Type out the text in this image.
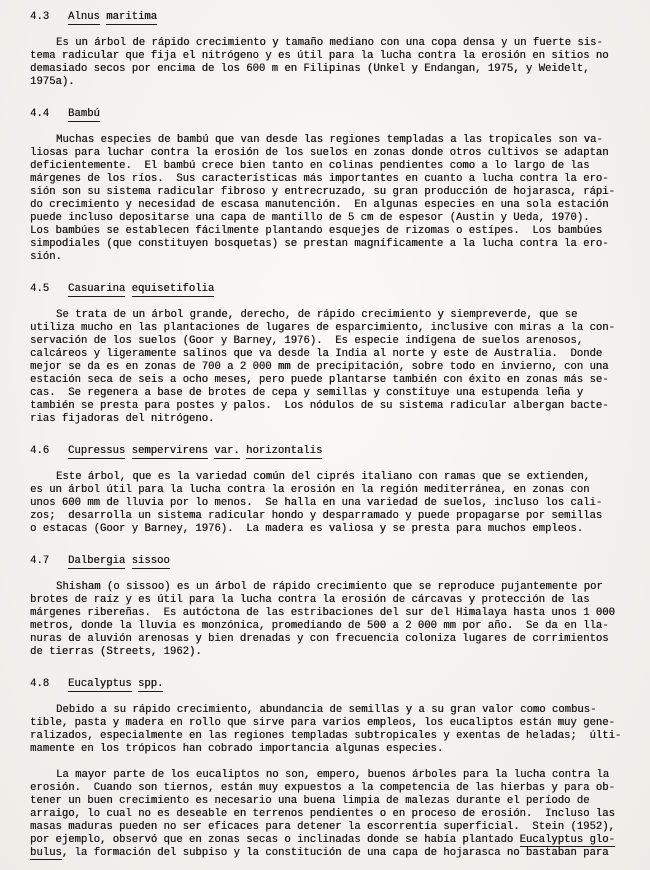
4.3 Alnus maritima
Es un árbol de rápido crecimiento y tamaño mediano con una copa densa y un fuerte sis-
tema radicular que fija el nitrógeno y es útil para la lucha contra la erosión en sitios no
demasiado secos por encima de los 600 m en Filipinas (Unkel y Endangan, 1975, y Weidelt,
1975a).
4.4 Bambú
Muchas especies de bambú que van desde las regiones templadas a las tropicales son va-
liosas para luchar contra la erosión de los suelos en zonas donde otros cultivos se adaptan
deficientemente.  El bambú crece bien tanto en colinas pendientes como a lo largo de las
márgenes de los ríos.  Sus características más importantes en cuanto a lucha contra la ero-
sión son su sistema radicular fibroso y entrecruzado, su gran producción de hojarasca, rápi-
do crecimiento y necesidad de escasa manutención.  En algunas especies en una sola estación
puede incluso depositarse una capa de mantillo de 5 cm de espesor (Austin y Ueda, 1970).
Los bambúes se establecen fácilmente plantando esquejes de rizomas o estípes.  Los bambúes
simpodiales (que constituyen bosquetas) se prestan magníficamente a la lucha contra la ero-
sión.
4.5 Casuarina equisetifolia
Se trata de un árbol grande, derecho, de rápido crecimiento y siempreverde, que se
utiliza mucho en las plantaciones de lugares de esparcimiento, inclusive con miras a la con-
servación de los suelos (Goor y Barney, 1976).  Es especie indígena de suelos arenosos,
calcáreos y ligeramente salinos que va desde la India al norte y este de Australia.  Donde
mejor se da es en zonas de 700 a 2 000 mm de precipitación, sobre todo en invierno, con una
estación seca de seis a ocho meses, pero puede plantarse también con éxito en zonas más se-
cas.  Se regenera a base de brotes de cepa y semillas y constituye una estupenda leña y
también se presta para postes y palos.  Los nódulos de su sistema radicular albergan bacte-
rias fijadoras del nitrógeno.
4.6 Cupressus sempervirens var. horizontalis
Este árbol, que es la variedad común del ciprés italiano con ramas que se extienden,
es un árbol útil para la lucha contra la erosión en la región mediterránea, en zonas con
unos 600 mm de lluvia por lo menos.  Se halla en una variedad de suelos, incluso los cali-
zos;  desarrolla un sistema radicular hondo y desparramado y puede propagarse por semillas
o estacas (Goor y Barney, 1976).  La madera es valiosa y se presta para muchos empleos.
4.7 Dalbergia sissoo
Shisham (o sissoo) es un árbol de rápido crecimiento que se reproduce pujantemente por
brotes de raíz y es útil para la lucha contra la erosión de cárcavas y protección de las
márgenes ribereñas.  Es autóctona de las estribaciones del sur del Himalaya hasta unos 1 000
metros, donde la lluvia es monzónica, promediando de 500 a 2 000 mm por año.  Se da en lla-
nuras de aluvión arenosas y bien drenadas y con frecuencia coloniza lugares de corrimientos
de tierras (Streets, 1962).
4.8 Eucalyptus spp.
Debido a su rápido crecimiento, abundancia de semillas y a su gran valor como combus-
tible, pasta y madera en rollo que sirve para varios empleos, los eucaliptos están muy gene-
ralizados, especialmente en las regiones templadas subtropicales y exentas de heladas;  últi-
mamente en los trópicos han cobrado importancia algunas especies.
La mayor parte de los eucaliptos no son, empero, buenos árboles para la lucha contra la
erosión.  Cuando son tiernos, están muy expuestos a la competencia de las hierbas y para ob-
tener un buen crecimiento es necesario una buena limpia de malezas durante el período de
arraigo, lo cual no es deseable en terrenos pendientes o en proceso de erosión.  Incluso las
masas maduras pueden no ser eficaces para detener la escorrentía superficial.  Stein (1952),
por ejemplo, observó que en zonas secas o inclinadas donde se había plantado Eucalyptus glo-
bulus, la formación del subpiso y la constitución de una capa de hojarasca no bastaban para
